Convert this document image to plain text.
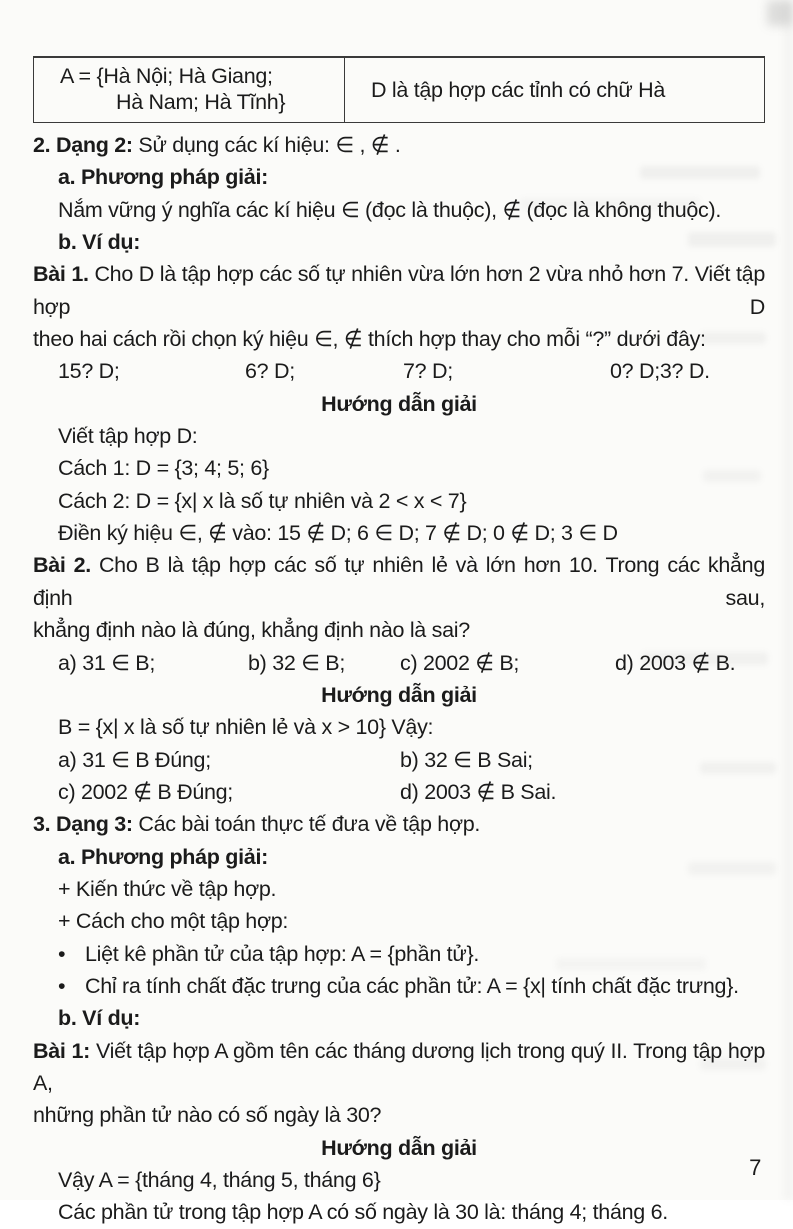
A = {Hà Nội; Hà Giang;
Hà Nam; Hà Tĩnh}	D là tập hợp các tỉnh có chữ Hà
2. Dạng 2: Sử dụng các kí hiệu: ∈ , ∉ .
a. Phương pháp giải:
Nắm vững ý nghĩa các kí hiệu ∈ (đọc là thuộc), ∉ (đọc là không thuộc).
b. Ví dụ:
Bài 1. Cho D là tập hợp các số tự nhiên vừa lớn hơn 2 vừa nhỏ hơn 7. Viết tập hợp D
theo hai cách rồi chọn ký hiệu ∈, ∉ thích hợp thay cho mỗi “?” dưới đây:
15? D;	6? D;	7? D;	0? D;3? D.
Hướng dẫn giải
Viết tập hợp D:
Cách 1: D = {3; 4; 5; 6}
Cách 2: D = {x| x là số tự nhiên và 2 < x < 7}
Điền ký hiệu ∈, ∉ vào: 15 ∉ D; 6 ∈ D; 7 ∉ D; 0 ∉ D; 3 ∈ D
Bài 2. Cho B là tập hợp các số tự nhiên lẻ và lớn hơn 10. Trong các khẳng định sau,
khẳng định nào là đúng, khẳng định nào là sai?
a) 31 ∈ B;	b) 32 ∈ B;	c) 2002 ∉ B;	d) 2003 ∉ B.
Hướng dẫn giải
B = {x| x là số tự nhiên lẻ và x > 10} Vậy:
a) 31 ∈ B Đúng;	b) 32 ∈ B Sai;
c) 2002 ∉ B Đúng;	d) 2003 ∉ B Sai.
3. Dạng 3: Các bài toán thực tế đưa về tập hợp.
a. Phương pháp giải:
+ Kiến thức về tập hợp.
+ Cách cho một tập hợp:
• Liệt kê phần tử của tập hợp: A = {phần tử}.
• Chỉ ra tính chất đặc trưng của các phần tử: A = {x| tính chất đặc trưng}.
b. Ví dụ:
Bài 1: Viết tập hợp A gồm tên các tháng dương lịch trong quý II. Trong tập hợp A,
những phần tử nào có số ngày là 30?
Hướng dẫn giải
Vậy A = {tháng 4, tháng 5, tháng 6}
Các phần tử trong tập hợp A có số ngày là 30 là: tháng 4; tháng 6.
7
